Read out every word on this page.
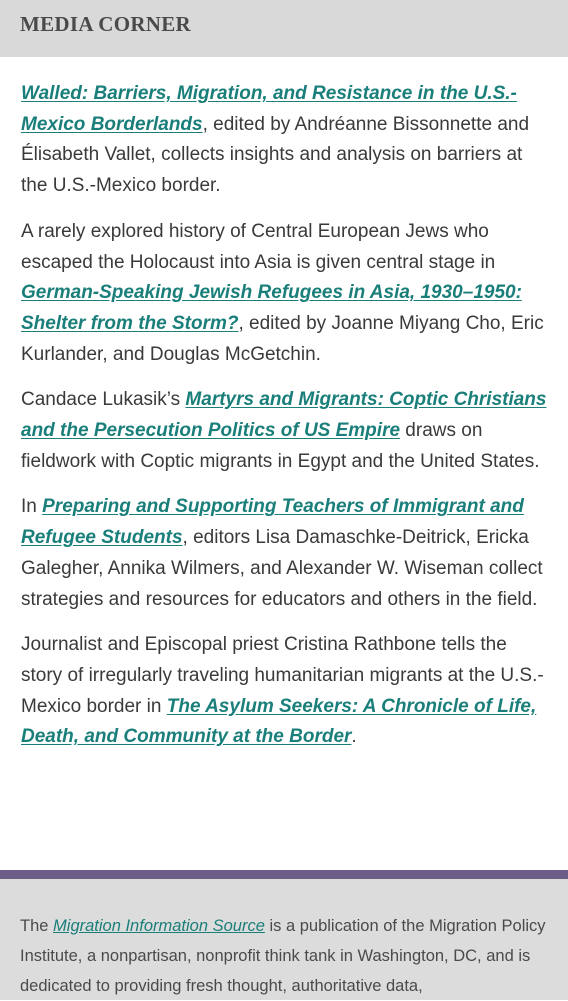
MEDIA CORNER

Walled: Barriers, Migration, and Resistance in the U.S.-Mexico Borderlands, edited by Andréanne Bissonnette and Élisabeth Vallet, collects insights and analysis on barriers at the U.S.-Mexico border.

A rarely explored history of Central European Jews who escaped the Holocaust into Asia is given central stage in German-Speaking Jewish Refugees in Asia, 1930–1950: Shelter from the Storm?, edited by Joanne Miyang Cho, Eric Kurlander, and Douglas McGetchin.

Candace Lukasik’s Martyrs and Migrants: Coptic Christians and the Persecution Politics of US Empire draws on fieldwork with Coptic migrants in Egypt and the United States.

In Preparing and Supporting Teachers of Immigrant and Refugee Students, editors Lisa Damaschke-Deitrick, Ericka Galegher, Annika Wilmers, and Alexander W. Wiseman collect strategies and resources for educators and others in the field.

Journalist and Episcopal priest Cristina Rathbone tells the story of irregularly traveling humanitarian migrants at the U.S.-Mexico border in The Asylum Seekers: A Chronicle of Life, Death, and Community at the Border.

The Migration Information Source is a publication of the Migration Policy Institute, a nonpartisan, nonprofit think tank in Washington, DC, and is dedicated to providing fresh thought, authoritative data,
